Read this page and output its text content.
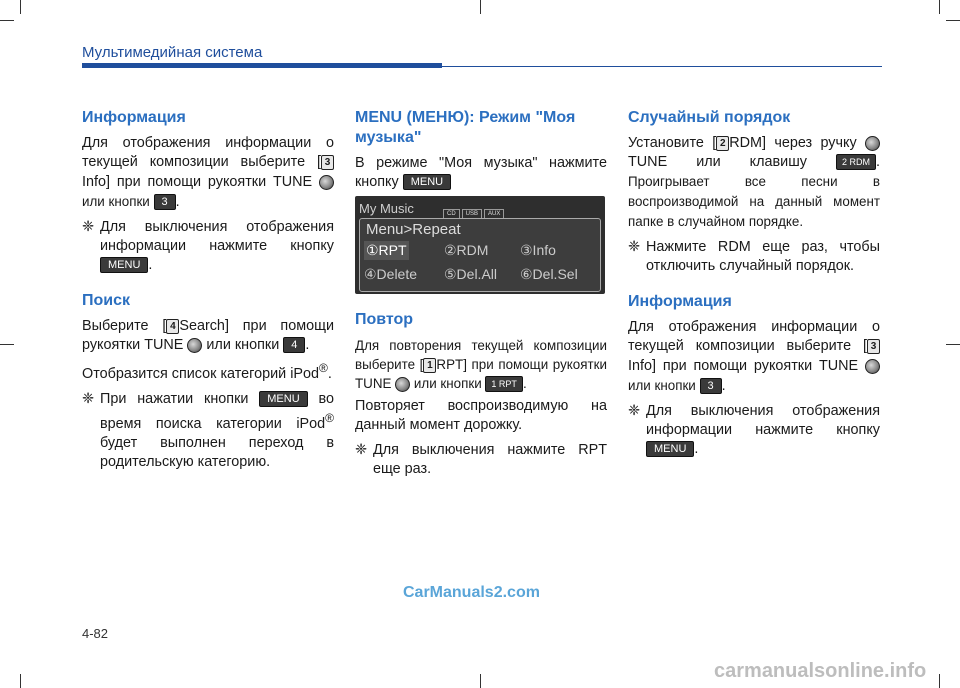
Мультимедийная система
Информация

Для отображения информации о текущей композиции выберите [ 3Info] при помощи рукоятки TUNE  или кнопки 3 .

❈ Для выключения отображения информации нажмите кнопку MENU .
Поиск

Выберите [ 4 Search] при помощи рукоятки TUNE  или кнопки 4 .

Отобразится список категорий iPod®.

❈ При нажатии кнопки MENU во время поиска категории iPod® будет выполнен переход в родительскую категорию.
MENU (МЕНЮ): Режим "Моя музыка"

В режиме "Моя музыка" нажмите кнопку MENU

My Music	CD USB AUX
Menu>Repeat
①RPT	②RDM ③Info
④Delete ⑤Del.All ⑥Del.Sel
Повтор

Для повторения текущей композиции выберите [ 1 RPT] при помощи рукоятки TUNE  или кнопки 1 RPT .

Повторяет воспроизводимую на данный момент дорожку.

❈ Для выключения нажмите RPT еще раз.
Случайный порядок

Установите [ 2 RDM] через ручку  TUNE или клавишу 2 RDM . Проигрывает все песни в воспроизводимой на данный момент папке в случайном порядке.

❈ Нажмите RDM еще раз, чтобы отключить случайный порядок.
Информация

Для отображения информации о текущей композиции выберите [ 3Info] при помощи рукоятки TUNE  или кнопки 3 .

❈ Для выключения отображения информации нажмите кнопку MENU .
CarManuals2.com
4-82
carmanualsonline.info
